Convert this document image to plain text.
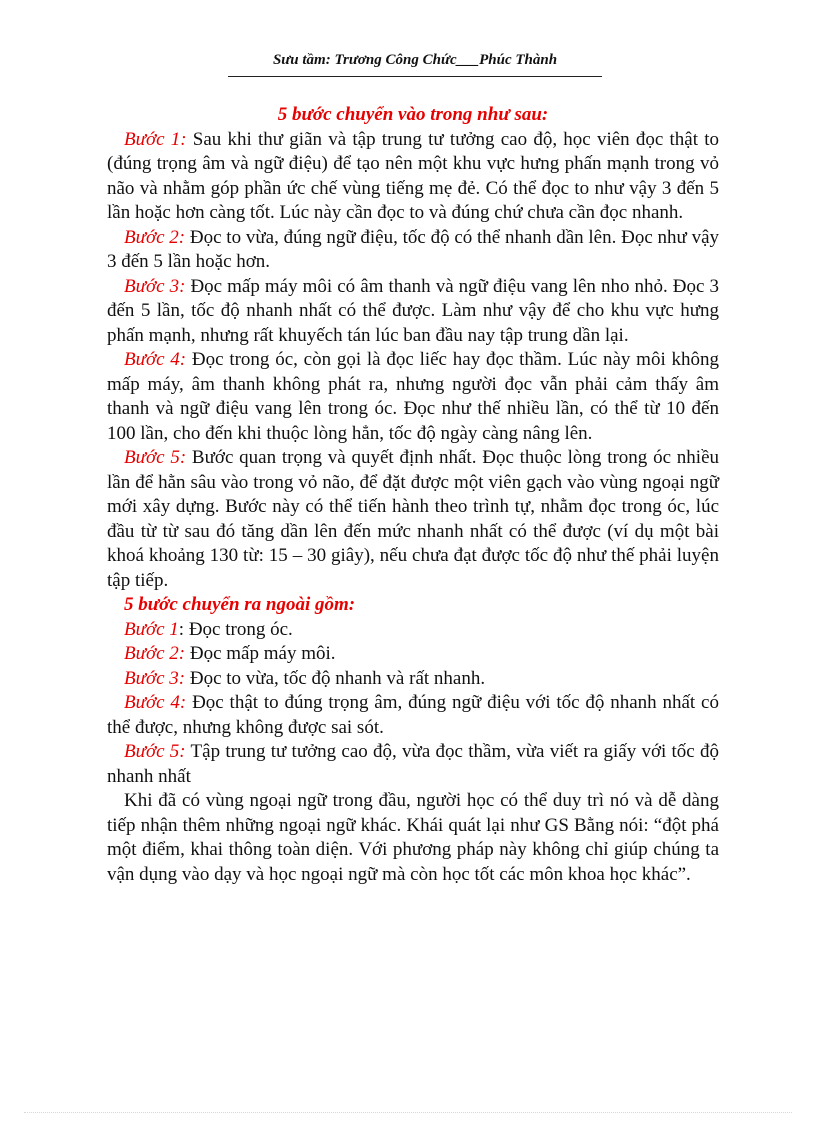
Sưu tầm: Trương Công Chức___Phúc Thành

5 bước chuyển vào trong như sau:

Bước 1: Sau khi thư giãn và tập trung tư tưởng cao độ, học viên đọc thật to (đúng trọng âm và ngữ điệu) để tạo nên một khu vực hưng phấn mạnh trong vỏ não và nhằm góp phần ức chế vùng tiếng mẹ đẻ. Có thể đọc to như vậy 3 đến 5 lần hoặc hơn càng tốt. Lúc này cần đọc to và đúng chứ chưa cần đọc nhanh.

Bước 2: Đọc to vừa, đúng ngữ điệu, tốc độ có thể nhanh dần lên. Đọc như vậy 3 đến 5 lần hoặc hơn.

Bước 3: Đọc mấp máy môi có âm thanh và ngữ điệu vang lên nho nhỏ. Đọc 3 đến 5 lần, tốc độ nhanh nhất có thể được. Làm như vậy để cho khu vực hưng phấn mạnh, nhưng rất khuyếch tán lúc ban đầu nay tập trung dần lại.

Bước 4: Đọc trong óc, còn gọi là đọc liếc hay đọc thầm. Lúc này môi không mấp máy, âm thanh không phát ra, nhưng người đọc vẫn phải cảm thấy âm thanh và ngữ điệu vang lên trong óc. Đọc như thế nhiều lần, có thể từ 10 đến 100 lần, cho đến khi thuộc lòng hẳn, tốc độ ngày càng nâng lên.

Bước 5: Bước quan trọng và quyết định nhất. Đọc thuộc lòng trong óc nhiều lần để hằn sâu vào trong vỏ não, để đặt được một viên gạch vào vùng ngoại ngữ mới xây dựng. Bước này có thể tiến hành theo trình tự, nhằm đọc trong óc, lúc đầu từ từ sau đó tăng dần lên đến mức nhanh nhất có thể được (ví dụ một bài khoá khoảng 130 từ: 15 – 30 giây), nếu chưa đạt được tốc độ như thế phải luyện tập tiếp.

5 bước chuyển ra ngoài gồm:

Bước 1: Đọc trong óc.

Bước 2: Đọc mấp máy môi.

Bước 3: Đọc to vừa, tốc độ nhanh và rất nhanh.

Bước 4: Đọc thật to đúng trọng âm, đúng ngữ điệu với tốc độ nhanh nhất có thể được, nhưng không được sai sót.

Bước 5: Tập trung tư tưởng cao độ, vừa đọc thầm, vừa viết ra giấy với tốc độ nhanh nhất

Khi đã có vùng ngoại ngữ trong đầu, người học có thể duy trì nó và dễ dàng tiếp nhận thêm những ngoại ngữ khác. Khái quát lại như GS Bằng nói: “đột phá một điểm, khai thông toàn diện. Với phương pháp này không chỉ giúp chúng ta vận dụng vào dạy và học ngoại ngữ mà còn học tốt các môn khoa học khác”.
